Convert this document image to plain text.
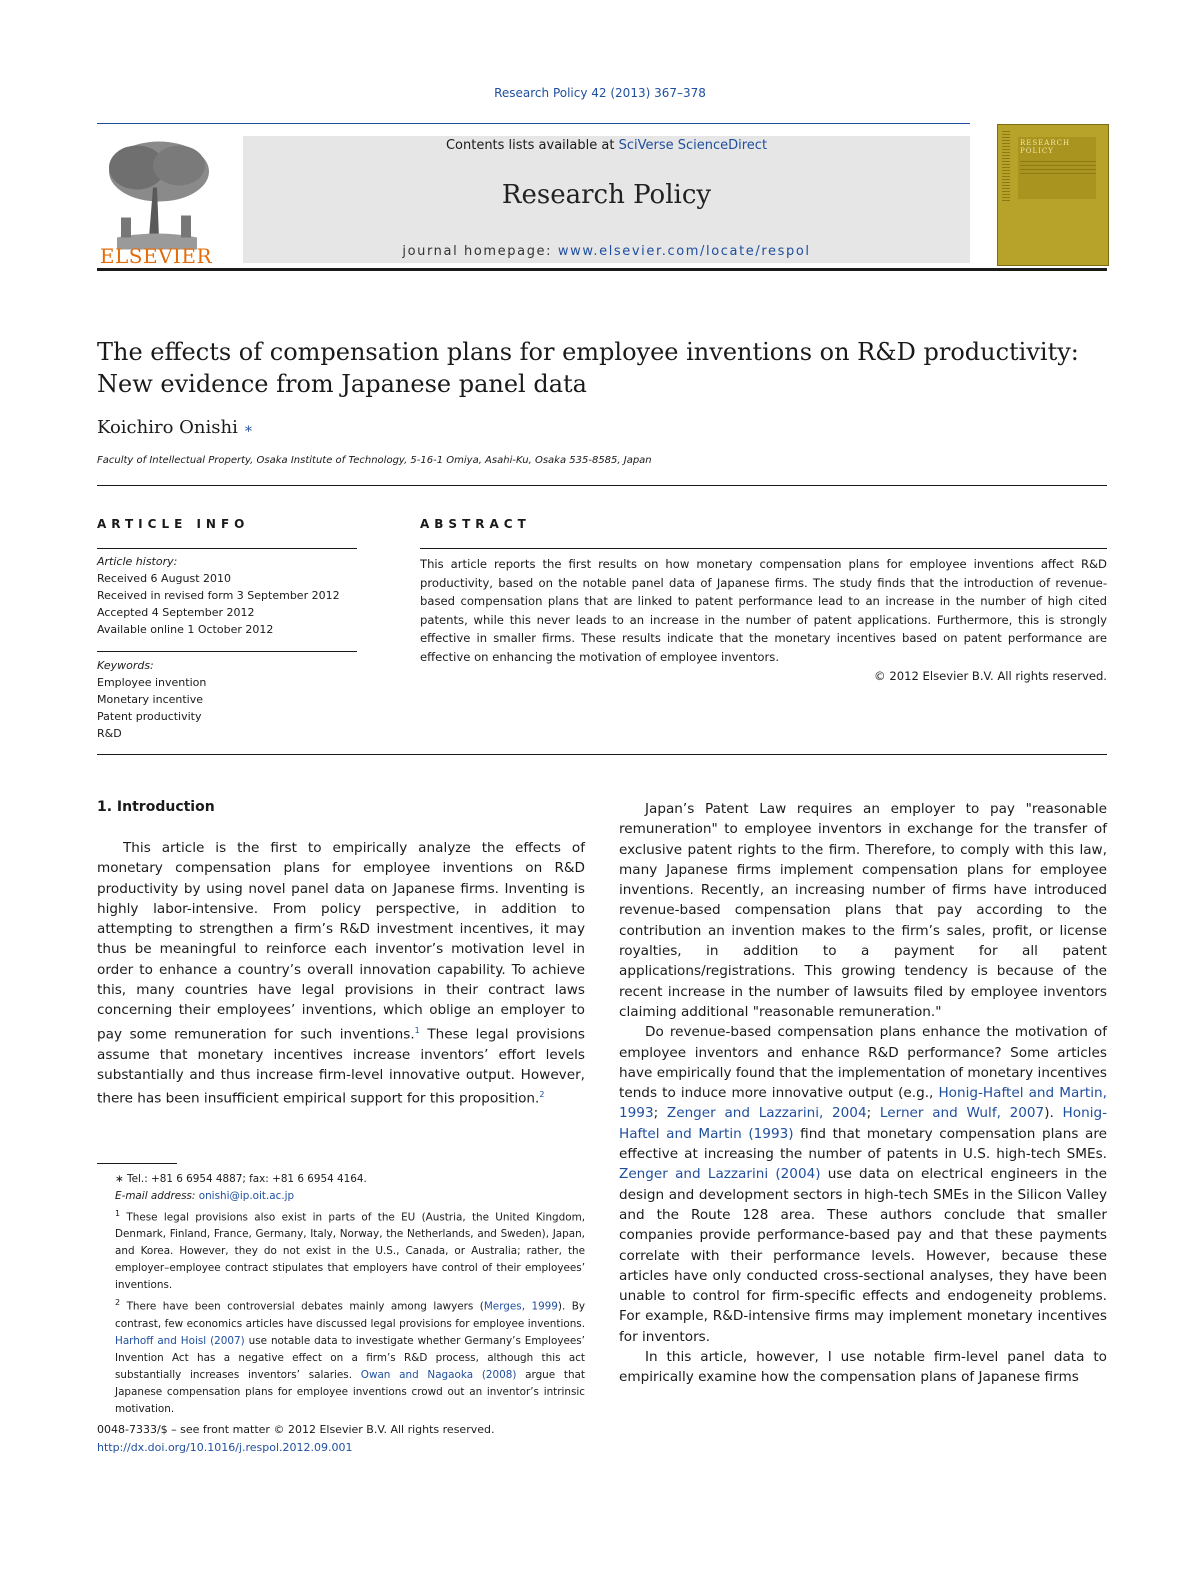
Research Policy 42 (2013) 367–378
ELSEVIER
Contents lists available at SciVerse ScienceDirect
Research Policy
journal homepage: www.elsevier.com/locate/respol
RESEARCH POLICY
The effects of compensation plans for employee inventions on R&D productivity:
New evidence from Japanese panel data
Koichiro Onishi ∗
Faculty of Intellectual Property, Osaka Institute of Technology, 5-16-1 Omiya, Asahi-Ku, Osaka 535-8585, Japan
ARTICLE INFO
Article history:
Received 6 August 2010
Received in revised form 3 September 2012
Accepted 4 September 2012
Available online 1 October 2012
Keywords:
Employee invention
Monetary incentive
Patent productivity
R&D
ABSTRACT
This article reports the first results on how monetary compensation plans for employee inventions affect R&D productivity, based on the notable panel data of Japanese firms. The study finds that the introduction of revenue-based compensation plans that are linked to patent performance lead to an increase in the number of high cited patents, while this never leads to an increase in the number of patent applications. Furthermore, this is strongly effective in smaller firms. These results indicate that the monetary incentives based on patent performance are effective on enhancing the motivation of employee inventors.
© 2012 Elsevier B.V. All rights reserved.
1. Introduction

This article is the first to empirically analyze the effects of monetary compensation plans for employee inventions on R&D productivity by using novel panel data on Japanese firms. Inventing is highly labor-intensive. From policy perspective, in addition to attempting to strengthen a firm’s R&D investment incentives, it may thus be meaningful to reinforce each inventor’s motivation level in order to enhance a country’s overall innovation capability. To achieve this, many countries have legal provisions in their contract laws concerning their employees’ inventions, which oblige an employer to pay some remuneration for such inventions.$^1$ These legal provisions assume that monetary incentives increase inventors’ effort levels substantially and thus increase firm-level innovative output. However, there has been insufficient empirical support for this proposition.$^2$

Japan’s Patent Law requires an employer to pay "reasonable remuneration" to employee inventors in exchange for the transfer of exclusive patent rights to the firm. Therefore, to comply with this law, many Japanese firms implement compensation plans for employee inventions. Recently, an increasing number of firms have introduced revenue-based compensation plans that pay according to the contribution an invention makes to the firm’s sales, profit, or license royalties, in addition to a payment for all patent applications/registrations. This growing tendency is because of the recent increase in the number of lawsuits filed by employee inventors claiming additional "reasonable remuneration."

Do revenue-based compensation plans enhance the motivation of employee inventors and enhance R&D performance? Some articles have empirically found that the implementation of monetary incentives tends to induce more innovative output (e.g., Honig-Haftel and Martin, 1993; Zenger and Lazzarini, 2004; Lerner and Wulf, 2007). Honig-Haftel and Martin (1993) find that monetary compensation plans are effective at increasing the number of patents in U.S. high-tech SMEs. Zenger and Lazzarini (2004) use data on electrical engineers in the design and development sectors in high-tech SMEs in the Silicon Valley and the Route 128 area. These authors conclude that smaller companies provide performance-based pay and that these payments correlate with their performance levels. However, because these articles have only conducted cross-sectional analyses, they have been unable to control for firm-specific effects and endogeneity problems. For example, R&D-intensive firms may implement monetary incentives for inventors.

In this article, however, I use notable firm-level panel data to empirically examine how the compensation plans of Japanese firms

∗ Tel.: +81 6 6954 4887; fax: +81 6 6954 4164.

E-mail address: onishi@ip.oit.ac.jp

$^1$ These legal provisions also exist in parts of the EU (Austria, the United Kingdom, Denmark, Finland, France, Germany, Italy, Norway, the Netherlands, and Sweden), Japan, and Korea. However, they do not exist in the U.S., Canada, or Australia; rather, the employer–employee contract stipulates that employers have control of their employees’ inventions.

$^2$ There have been controversial debates mainly among lawyers (Merges, 1999). By contrast, few economics articles have discussed legal provisions for employee inventions. Harhoff and Hoisl (2007) use notable data to investigate whether Germany’s Employees’ Invention Act has a negative effect on a firm’s R&D process, although this act substantially increases inventors’ salaries. Owan and Nagaoka (2008) argue that Japanese compensation plans for employee inventions crowd out an inventor’s intrinsic motivation.

0048-7333/$ – see front matter © 2012 Elsevier B.V. All rights reserved.
http://dx.doi.org/10.1016/j.respol.2012.09.001
